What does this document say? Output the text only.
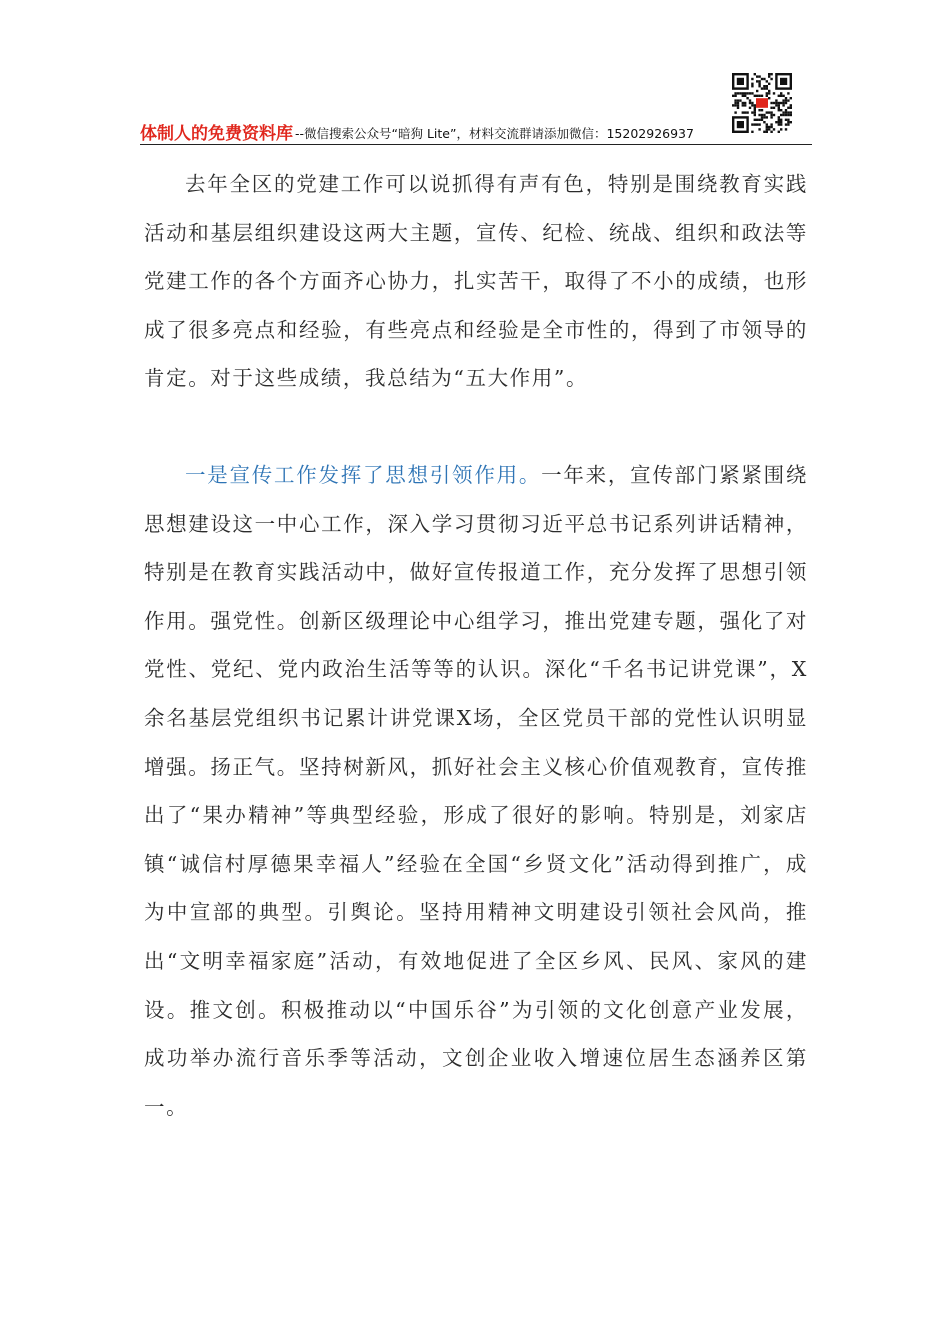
体制人的免费资料库 --微信搜索公众号“暗狗 Lite”，材料交流群请添加微信：15202926937

去年全区的党建工作可以说抓得有声有色，特别是围绕教育实践活动和基层组织建设这两大主题，宣传、纪检、统战、组织和政法等党建工作的各个方面齐心协力，扎实苦干，取得了不小的成绩，也形成了很多亮点和经验，有些亮点和经验是全市性的，得到了市领导的肯定。对于这些成绩，我总结为“五大作用”。

一是宣传工作发挥了思想引领作用。一年来，宣传部门紧紧围绕思想建设这一中心工作，深入学习贯彻习近平总书记系列讲话精神，特别是在教育实践活动中，做好宣传报道工作，充分发挥了思想引领作用。强党性。创新区级理论中心组学习，推出党建专题，强化了对党性、党纪、党内政治生活等等的认识。深化“千名书记讲党课”，X余名基层党组织书记累计讲党课X场，全区党员干部的党性认识明显增强。扬正气。坚持树新风，抓好社会主义核心价值观教育，宣传推出了“果办精神”等典型经验，形成了很好的影响。特别是，刘家店镇“诚信村厚德果幸福人”经验在全国“乡贤文化”活动得到推广，成为中宣部的典型。引舆论。坚持用精神文明建设引领社会风尚，推出“文明幸福家庭”活动，有效地促进了全区乡风、民风、家风的建设。推文创。积极推动以“中国乐谷”为引领的文化创意产业发展，成功举办流行音乐季等活动，文创企业收入增速位居生态涵养区第一。
